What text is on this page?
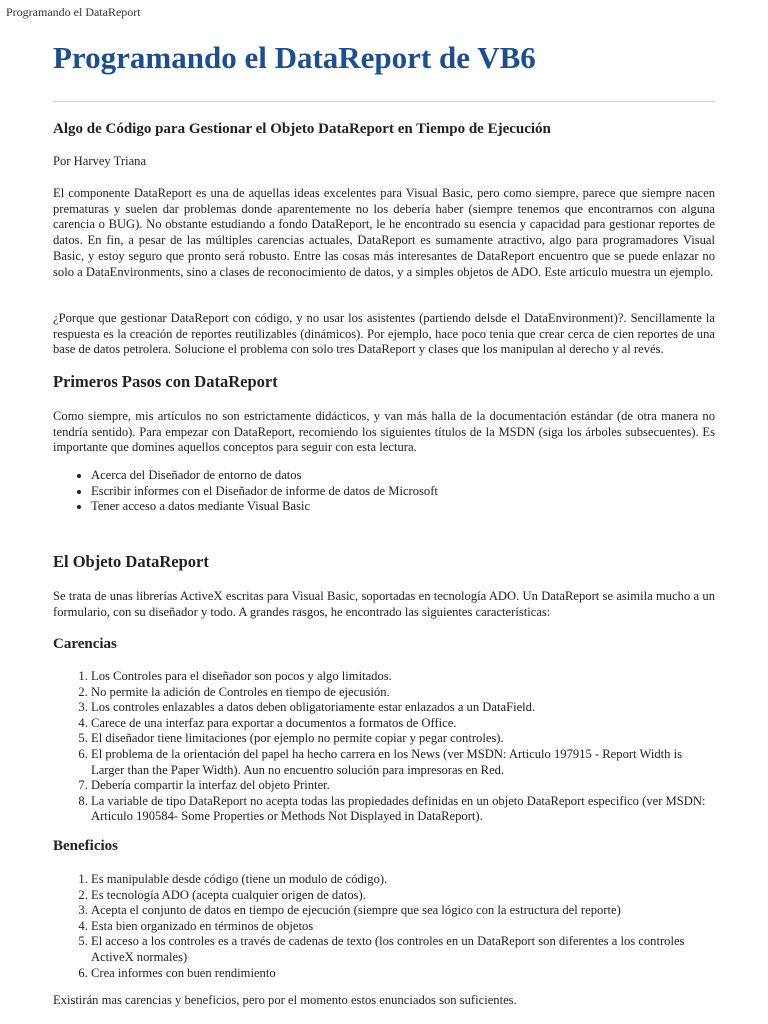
Programando el DataReport
Programando el DataReport de VB6
Algo de Código para Gestionar el Objeto DataReport en Tiempo de Ejecución

Por Harvey Triana

El componente DataReport es una de aquellas ideas excelentes para Visual Basic, pero como siempre, parece que siempre nacen prematuras y suelen dar problemas donde aparentemente no los debería haber (siempre tenemos que encontrarnos con alguna carencia o BUG). No obstante estudiando a fondo DataReport, le he encontrado su esencia y capacidad para gestionar reportes de datos. En fin, a pesar de las múltiples carencias actuales, DataReport es sumamente atractivo, algo para programadores Visual Basic, y estoy seguro que pronto será robusto. Entre las cosas más interesantes de DataReport encuentro que se puede enlazar no solo a DataEnvironments, sino a clases de reconocimiento de datos, y a simples objetos de ADO. Este articulo muestra un ejemplo.

¿Porque que gestionar DataReport con código, y no usar los asistentes (partiendo delsde el DataEnvironment)?. Sencillamente la respuesta es la creación de reportes reutilizables (dinámicos). Por ejemplo, hace poco tenia que crear cerca de cien reportes de una base de datos petrolera. Solucione el problema con solo tres DataReport y clases que los manipulan al derecho y al revés.

Primeros Pasos con DataReport

Como siempre, mis artículos no son estrictamente didácticos, y van más halla de la documentación estándar (de otra manera no tendría sentido). Para empezar con DataReport, recomiendo los siguientes títulos de la MSDN (siga los árboles subsecuentes). Es importante que domines aquellos conceptos para seguir con esta lectura.

• Acerca del Diseñador de entorno de datos
• Escribir informes con el Diseñador de informe de datos de Microsoft
• Tener acceso a datos mediante Visual Basic
El Objeto DataReport

Se trata de unas librerías ActiveX escritas para Visual Basic, soportadas en tecnología ADO. Un DataReport se asimila mucho a un formulario, con su diseñador y todo. A grandes rasgos, he encontrado las siguientes características:

Carencias
1. Los Controles para el diseñador son pocos y algo limitados.
2. No permite la adición de Controles en tiempo de ejecusión.
3. Los controles enlazables a datos deben obligatoriamente estar enlazados a un DataField.
4. Carece de una interfaz para exportar a documentos a formatos de Office.
5. El diseñador tiene limitaciones (por ejemplo no permite copiar y pegar controles).
6. El problema de la orientación del papel ha hecho carrera en los News (ver MSDN: Articulo 197915 - Report Width is Larger than the Paper Width). Aun no encuentro solución para impresoras en Red.
7. Debería compartir la interfaz del objeto Printer.
8. La variable de tipo DataReport no acepta todas las propiedades definidas en un objeto DataReport especifico (ver MSDN: Articulo 190584- Some Properties or Methods Not Displayed in DataReport).
Beneficios
1. Es manipulable desde código (tiene un modulo de código).
2. Es tecnología ADO (acepta cualquier origen de datos).
3. Acepta el conjunto de datos en tiempo de ejecución (siempre que sea lógico con la estructura del reporte)
4. Esta bien organizado en términos de objetos
5. El acceso a los controles es a través de cadenas de texto (los controles en un DataReport son diferentes a los controles ActiveX normales)
6. Crea informes con buen rendimiento

Existirán mas carencias y beneficios, pero por el momento estos enunciados son suficientes.
